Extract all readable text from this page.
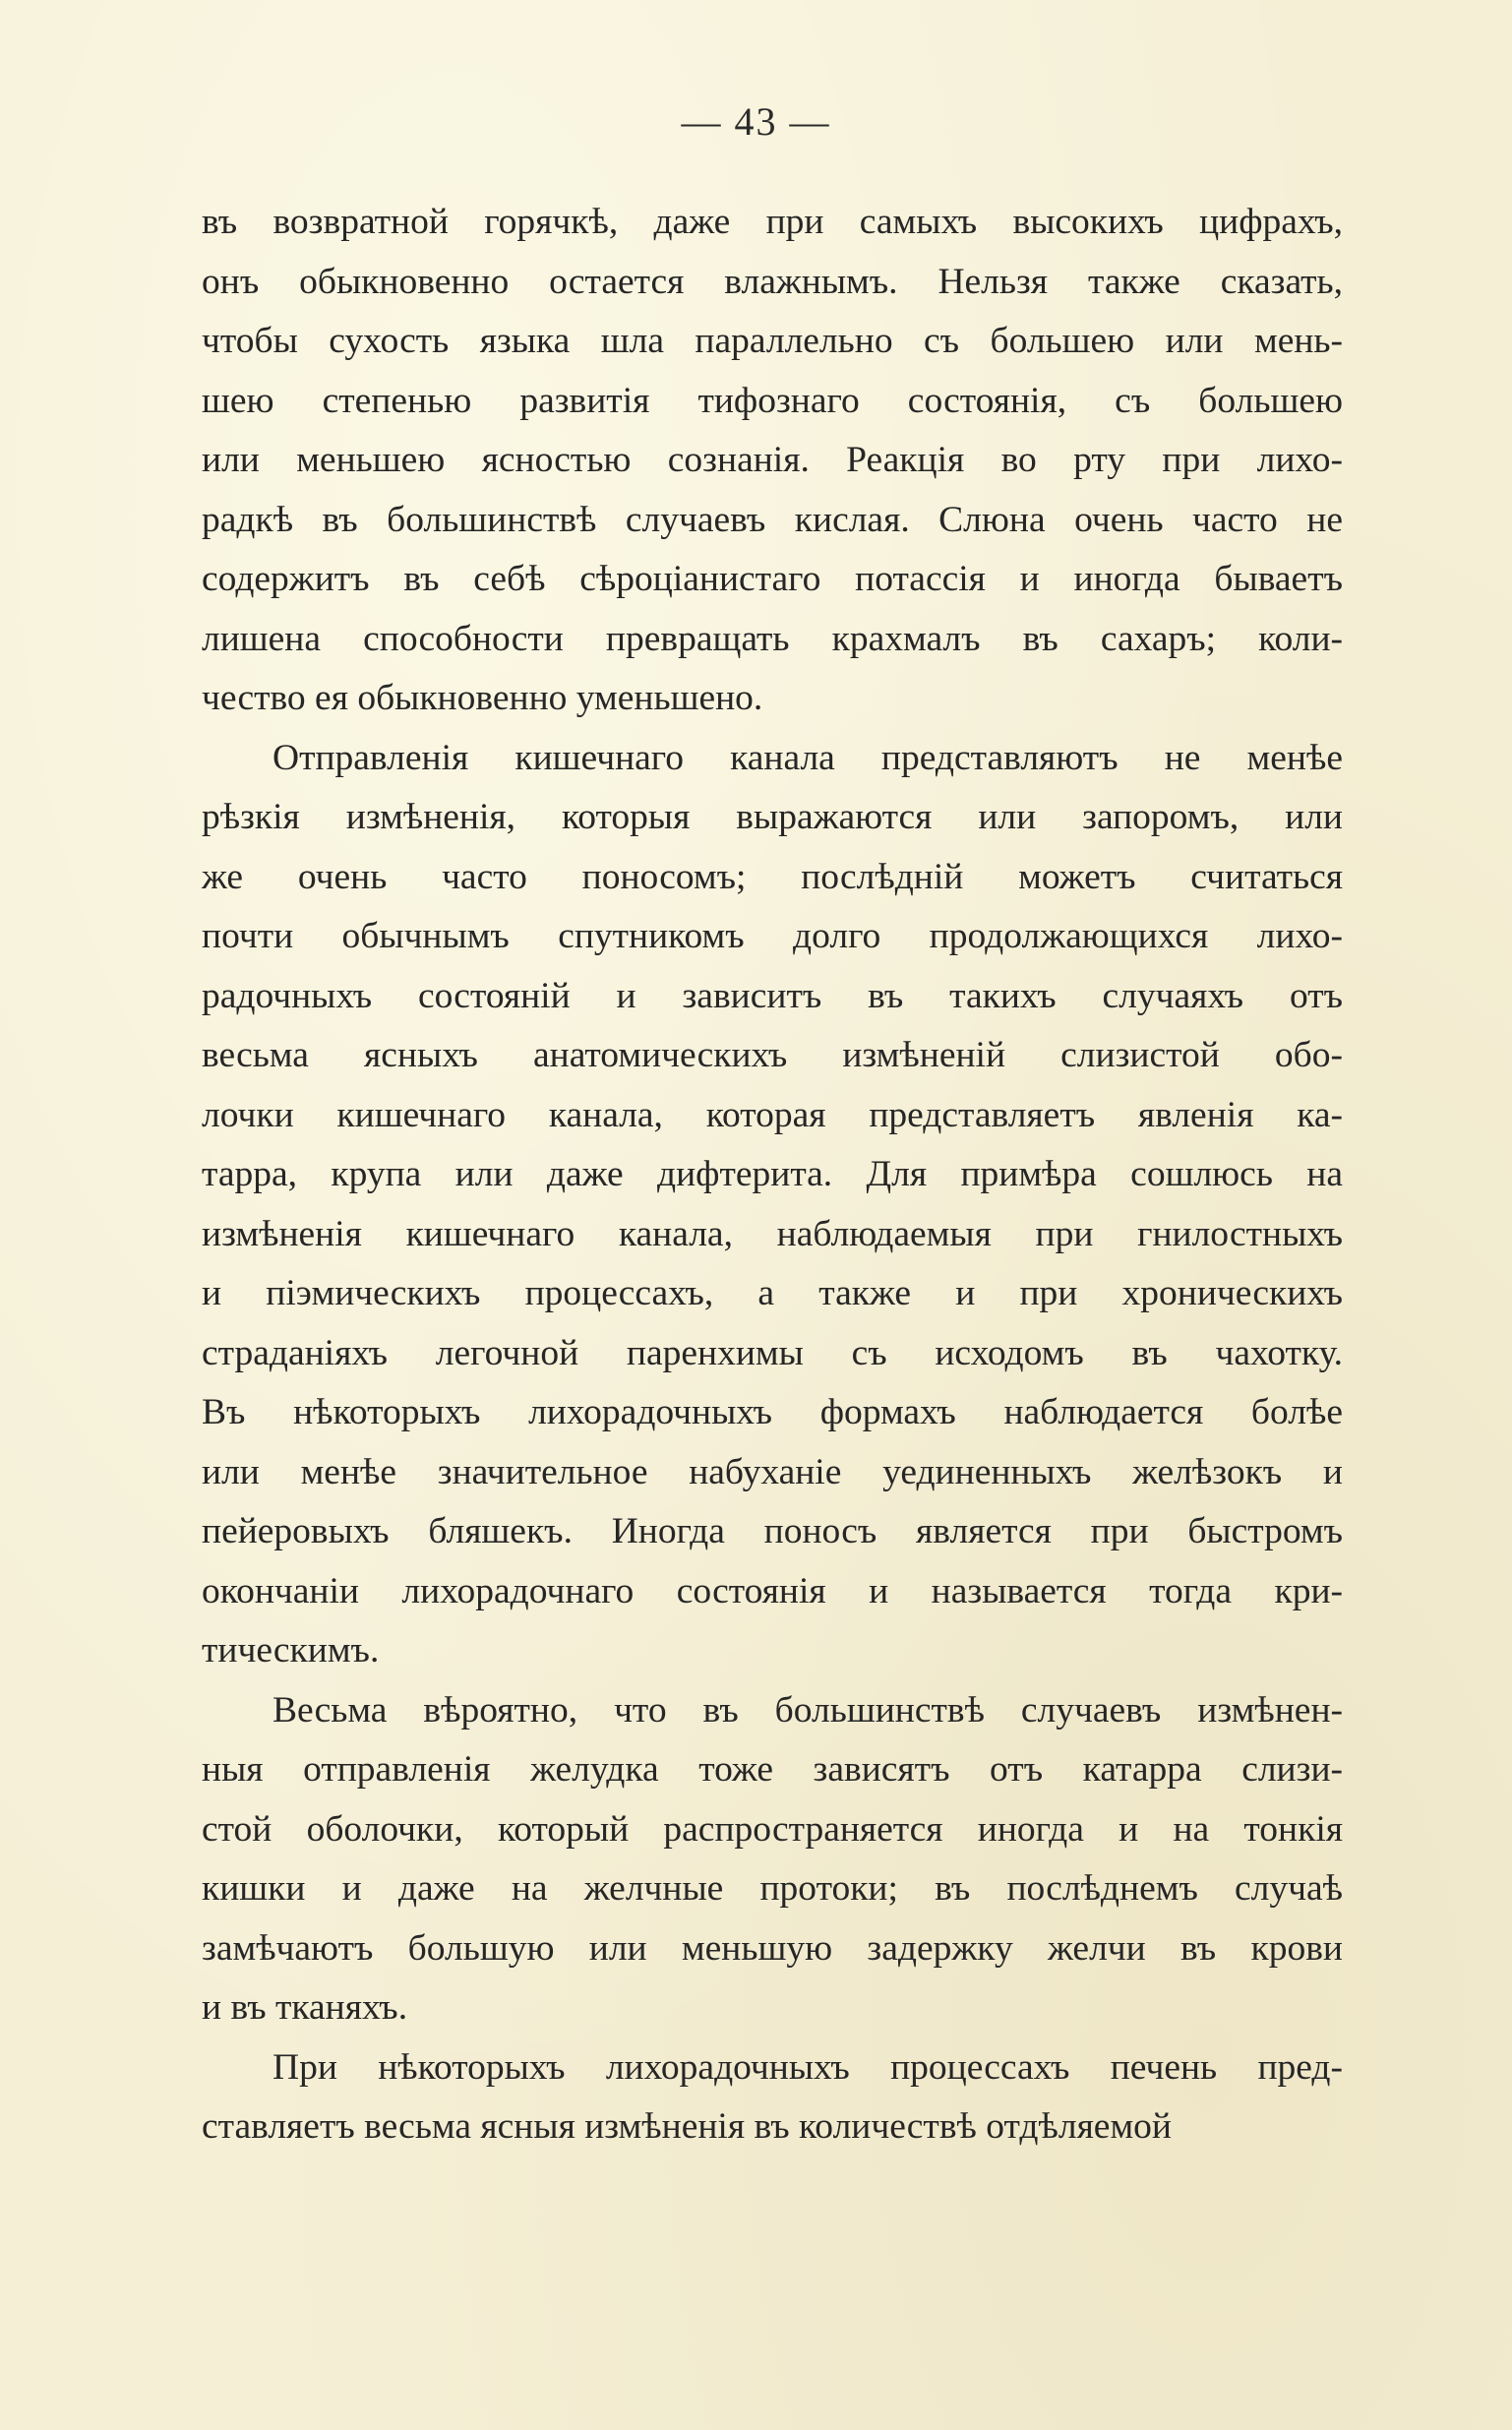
— 43 —
въ возвратной горячкѣ, даже при самыхъ высокихъ цифрахъ,
онъ обыкновенно остается влажнымъ. Нельзя также сказать,
чтобы сухость языка шла параллельно съ большею или мень-
шею степенью развитія тифознаго состоянія, съ большею
или меньшею ясностью сознанія. Реакція во рту при лихо-
радкѣ въ большинствѣ случаевъ кислая. Слюна очень часто не
содержитъ въ себѣ сѣроціанистаго потассія и иногда бываетъ
лишена способности превращать крахмалъ въ сахаръ; коли-
чество ея обыкновенно уменьшено.
Отправленія кишечнаго канала представляютъ не менѣе
рѣзкія измѣненія, которыя выражаются или запоромъ, или
же очень часто поносомъ; послѣдній можетъ считаться
почти обычнымъ спутникомъ долго продолжающихся лихо-
радочныхъ состояній и зависитъ въ такихъ случаяхъ отъ
весьма ясныхъ анатомическихъ измѣненій слизистой обо-
лочки кишечнаго канала, которая представляетъ явленія ка-
тарра, крупа или даже дифтерита. Для примѣра сошлюсь на
измѣненія кишечнаго канала, наблюдаемыя при гнилостныхъ
и піэмическихъ процессахъ, а также и при хроническихъ
страданіяхъ легочной паренхимы съ исходомъ въ чахотку.
Въ нѣкоторыхъ лихорадочныхъ формахъ наблюдается болѣе
или менѣе значительное набуханіе уединенныхъ желѣзокъ и
пейеровыхъ бляшекъ. Иногда поносъ является при быстромъ
окончаніи лихорадочнаго состоянія и называется тогда кри-
тическимъ.
Весьма вѣроятно, что въ большинствѣ случаевъ измѣнен-
ныя отправленія желудка тоже зависятъ отъ катарра слизи-
стой оболочки, который распространяется иногда и на тонкія
кишки и даже на желчные протоки; въ послѣднемъ случаѣ
замѣчаютъ большую или меньшую задержку желчи въ крови
и въ тканяхъ.
При нѣкоторыхъ лихорадочныхъ процессахъ печень пред-
ставляетъ весьма ясныя измѣненія въ количествѣ отдѣляемой
